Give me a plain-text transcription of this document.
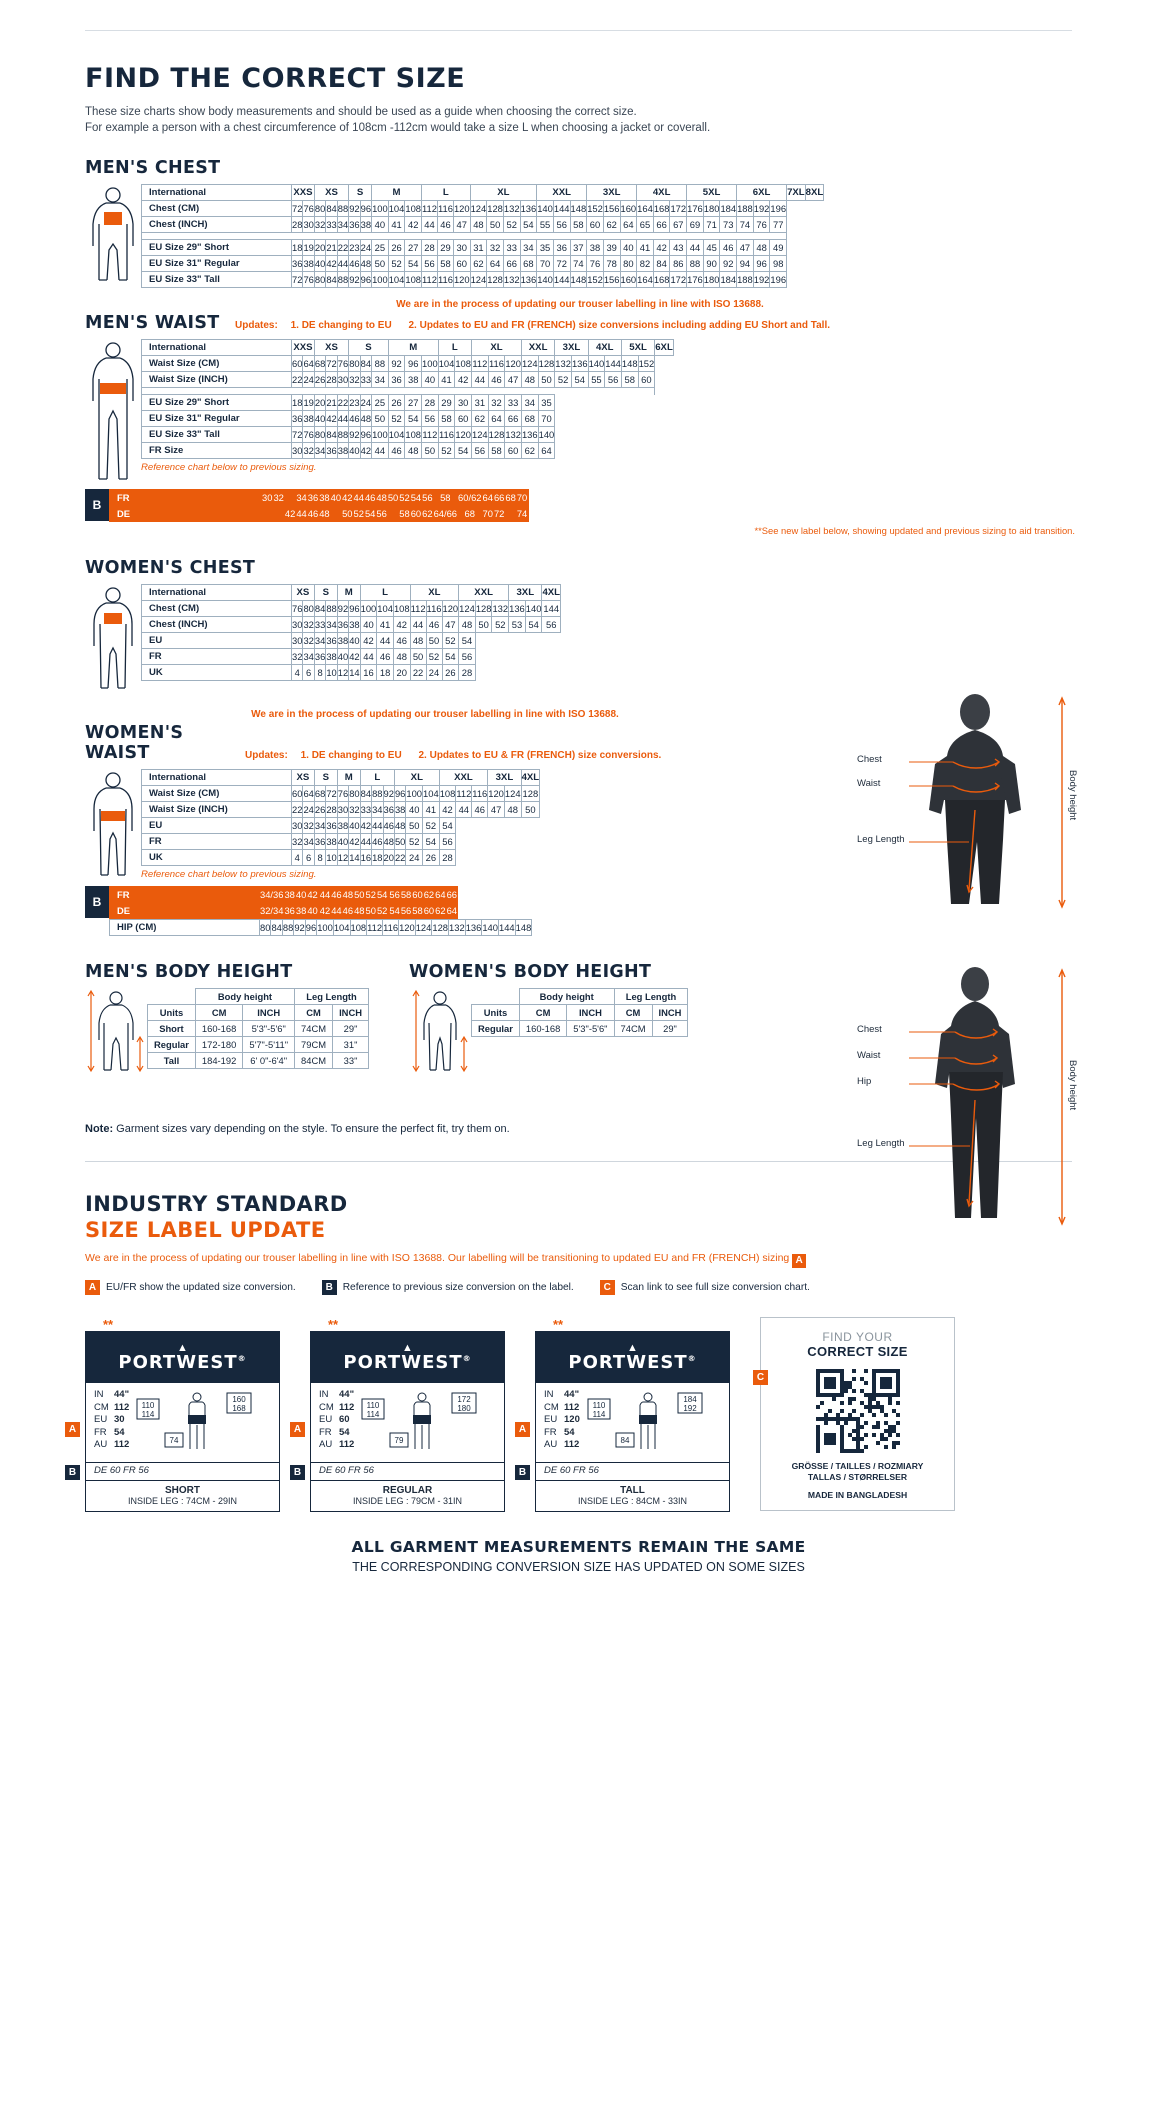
FIND THE CORRECT SIZE

These size charts show body measurements and should be used as a guide when choosing the correct size.

For example a person with a chest circumference of 108cm -112cm would take a size L when choosing a jacket or coverall.

MEN'S CHEST
International	XXS		XS			S		M			L			XL				XXL			3XL			4XL			5XL			6XL			7XL	8XL
Chest (CM)	72	76	80	84	88	92	96	100	104	108	112	116	120	124	128	132	136	140	144	148	152	156	160	164	168	172	176	180	184	188	192	196		
Chest (INCH)	28	30	32	33	34	36	38	40	41	42	44	46	47	48	50	52	54	55	56	58	60	62	64	65	66	67	69	71	73	74	76	77		

EU Size 29" Short	18	19	20	21	22	23	24	25	26	27	28	29	30	31	32	33	34	35	36	37	38	39	40	41	42	43	44	45	46	47	48	49		
EU Size 31" Regular	36	38	40	42	44	46	48	50	52	54	56	58	60	62	64	66	68	70	72	74	76	78	80	82	84	86	88	90	92	94	96	98		
EU Size 33" Tall	72	76	80	84	88	92	96	100	104	108	112	116	120	124	128	132	136	140	144	148	152	156	160	164	168	172	176	180	184	188	192	196		
We are in the process of updating our trouser labelling in line with ISO 13688.
MEN'S WAIST	Updates: 1. DE changing to EU 2. Updates to EU and FR (FRENCH) size conversions including adding EU Short and Tall.
International	XXS		XS			S			M			L		XL			XXL		3XL		4XL		5XL		6XL
Waist Size (CM)	60	64	68	72	76	80	84	88	92	96	100	104	108	112	116	120	124	128	132	136	140	144	148	152	
Waist Size (INCH)	22	24	26	28	30	32	33	34	36	38	40	41	42	44	46	47	48	50	52	54	55	56	58	60	

EU Size 29" Short	18	19	20	21	22	23	24	25	26	27	28	29	30	31	32	33	34	35							
EU Size 31" Regular	36	38	40	42	44	46	48	50	52	54	56	58	60	62	64	66	68	70							
EU Size 33" Tall	72	76	80	84	88	92	96	100	104	108	112	116	120	124	128	132	136	140							
FR Size	30	32	34	36	38	40	42	44	46	48	50	52	54	56	58	60	62	64							
Reference chart below to previous sizing.
B
FR			30	32		34	36	38	40	42	44	46	48	50	52	54	56	58	60/62	64	66	68	70	
DE					42	44	46	48		50	52	54	56		58	60	62	64/66	68	70	72		74	
**See new label below, showing updated and previous sizing to aid transition.
WOMEN'S CHEST
International	XS		S		M		L			XL			XXL			3XL		4XL
Chest (CM)	76	80	84	88	92	96	100	104	108	112	116	120	124	128	132	136	140	144
Chest (INCH)	30	32	33	34	36	38	40	41	42	44	46	47	48	50	52	53	54	56
EU	30	32	34	36	38	40	42	44	46	48	50	52	54					
FR	32	34	36	38	40	42	44	46	48	50	52	54	56					
UK	4	6	8	10	12	14	16	18	20	22	24	26	28					
We are in the process of updating our trouser labelling in line with ISO 13688.
WOMEN'S WAIST	Updates: 1. DE changing to EU 2. Updates to EU & FR (FRENCH) size conversions.
International	XS		S		M		L			XL			XXL			3XL		4XL
Waist Size (CM)	60	64	68	72	76	80	84	88	92	96	100	104	108	112	116	120	124	128
Waist Size (INCH)	22	24	26	28	30	32	33	34	36	38	40	41	42	44	46	47	48	50
EU	30	32	34	36	38	40	42	44	46	48	50	52	54					
FR	32	34	36	38	40	42	44	46	48	50	52	54	56					
UK	4	6	8	10	12	14	16	18	20	22	24	26	28					
Reference chart below to previous sizing.
B
FR	34/36	38	40	42		44	46	48	50	52	54		56	58	60	62	64	66
DE	32/34	36	38	40		42	44	46	48	50	52		54	56	58	60	62	64
HIP (CM)	80	84	88	92	96	100	104	108	112	116	120	124	128	132	136	140	144	148
MEN'S BODY HEIGHT
	Body height		Leg Length	
Units	CM	INCH	CM	INCH
Short	160-168	5'3"-5'6"	74CM	29"
Regular	172-180	5'7"-5'11"	79CM	31"
Tall	184-192	6' 0"-6'4"	84CM	33"
WOMEN'S BODY HEIGHT
	Body height		Leg Length	
Units	CM	INCH	CM	INCH
Regular	160-168	5'3"-5'6"	74CM	29"
Note: Garment sizes vary depending on the style. To ensure the perfect fit, try them on.
Chest
Waist
Leg Length
Body height
Chest
Waist
Hip
Leg Length
Body height
INDUSTRY STANDARD
SIZE LABEL UPDATE
We are in the process of updating our trouser labelling in line with ISO 13688. Our labelling will be transitioning to updated EU and FR (FRENCH) sizing A
A EU/FR show the updated size conversion.	B Reference to previous size conversion on the label.	C Scan link to see full size conversion chart.
**
▲
PORTWEST®
IN 44"
CM 112
EU 30
FR 54
AU 112
110
114
160
168
74
DE 60 FR 56
SHORT
INSIDE LEG : 74CM - 29IN
A
B
**
▲
PORTWEST®
IN 44"
CM 112
EU 60
FR 54
AU 112
110
114
172
180
79
DE 60 FR 56
REGULAR
INSIDE LEG : 79CM - 31IN
A
B
**
▲
PORTWEST®
IN 44"
CM 112
EU 120
FR 54
AU 112
110
114
184
192
84
DE 60 FR 56
TALL
INSIDE LEG : 84CM - 33IN
A
B
C
FIND YOUR
CORRECT SIZE
GRÖSSE / TAILLES / ROZMIARY
TALLAS / STØRRELSER
MADE IN BANGLADESH
ALL GARMENT MEASUREMENTS REMAIN THE SAME
THE CORRESPONDING CONVERSION SIZE HAS UPDATED ON SOME SIZES
